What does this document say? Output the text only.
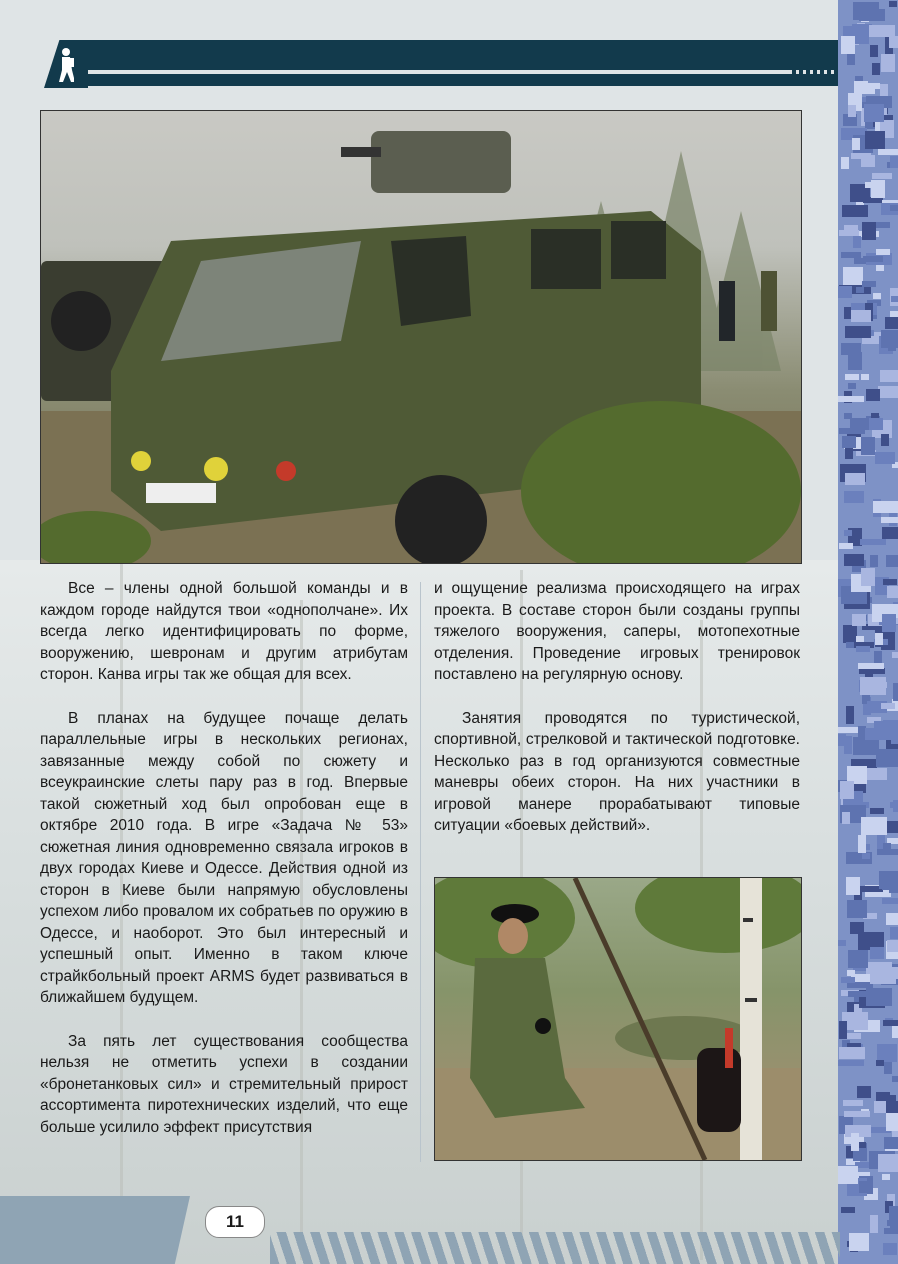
Все – члены одной большой команды и в каждом городе найдутся твои «однополчане». Их всегда легко идентифицировать по форме, вооружению, шевронам и другим атрибутам сторон. Канва игры так же общая для всех.

В планах на будущее почаще делать параллельные игры в нескольких регионах, завязанные между собой по сюжету и всеукраинские слеты пару раз в год. Впервые такой сюжетный ход был опробован еще в октябре 2010 года. В игре «Задача № 53» сюжетная линия одновременно связала игроков в двух городах Киеве и Одессе. Действия одной из сторон в Киеве были напрямую обусловлены успехом либо провалом их собратьев по оружию в Одессе, и наоборот. Это был интересный и успешный опыт. Именно в таком ключе страйкбольный проект ARMS будет развиваться в ближайшем будущем.

За пять лет существования сообщества нельзя не отметить успехи в создании «бронетанковых сил» и стремительный прирост ассортимента пиротехнических изделий, что еще больше усилило эффект присутствия

и ощущение реализма происходящего на играх проекта. В составе сторон были созданы группы тяжелого вооружения, саперы, мотопехотные отделения. Проведение игровых тренировок поставлено на регулярную основу.

Занятия проводятся по туристической, спортивной, стрелковой и тактической подготовке. Несколько раз в год организуются совместные маневры обеих сторон. На них участники в игровой манере прорабатывают типовые ситуации «боевых действий».

11
